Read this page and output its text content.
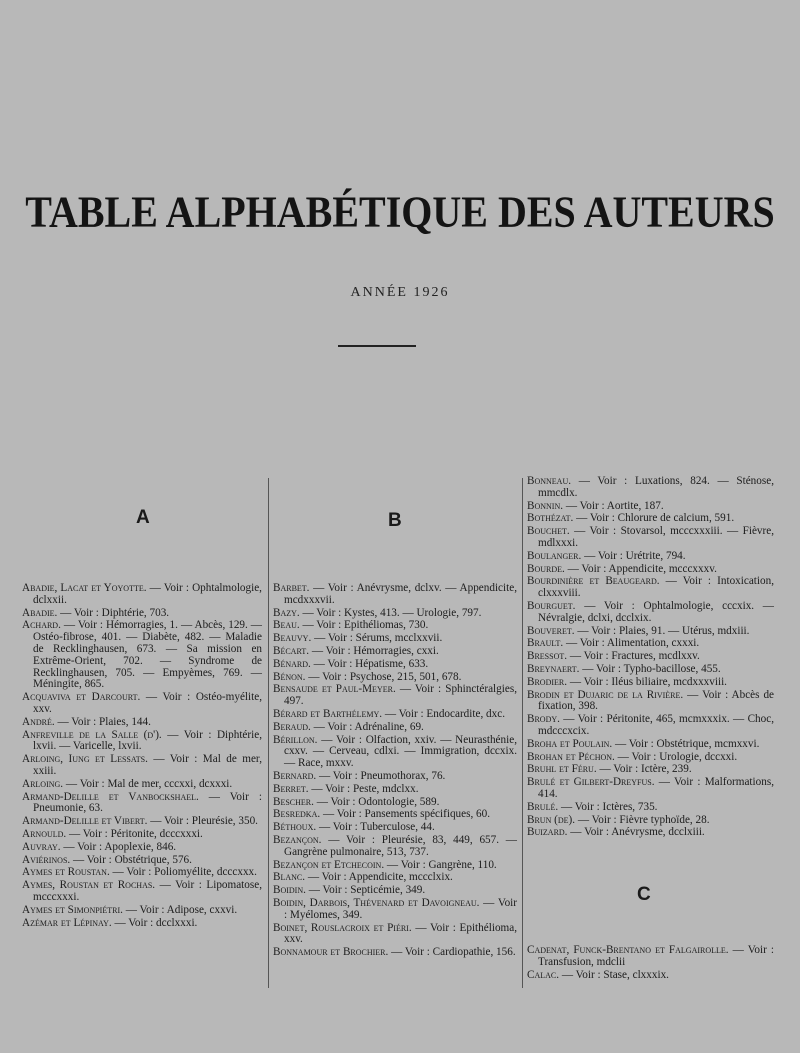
TABLE ALPHABÉTIQUE DES AUTEURS
ANNÉE 1926
A

Abadie, Lacat et Yoyotte. — Voir : Ophtalmologie, dclxxii.

Abadie. — Voir : Diphtérie, 703.

Achard. — Voir : Hémorragies, 1. — Abcès, 129. — Ostéo-fibrose, 401. — Diabète, 482. — Maladie de Recklinghausen, 673. — Sa mission en Extrême-Orient, 702. — Syndrome de Recklinghausen, 705. — Empyèmes, 769. — Méningite, 865.

Acquaviva et Darcourt. — Voir : Ostéo-myélite, xxv.

André. — Voir : Plaies, 144.

Anfreville de la Salle (d'). — Voir : Diphtérie, lxvii. — Varicelle, lxvii.

Arloing, Iung et Lessats. — Voir : Mal de mer, xxiii.

Arloing. — Voir : Mal de mer, cccxxi, dcxxxi.

Armand-Delille et Vanbockshael. — Voir : Pneumonie, 63.

Armand-Delille et Vibert. — Voir : Pleurésie, 350.

Arnould. — Voir : Péritonite, dcccxxxi.

Auvray. — Voir : Apoplexie, 846.

Aviérinos. — Voir : Obstétrique, 576.

Aymes et Roustan. — Voir : Poliomyélite, dcccxxx.

Aymes, Roustan et Rochas. — Voir : Lipomatose, mcccxxxi.

Aymes et Simonpiétri. — Voir : Adipose, cxxvi.

Azémar et Lépinay. — Voir : dcclxxxi.

B

Barbet. — Voir : Anévrysme, dclxv. — Appendicite, mcdxxxvii.

Bazy. — Voir : Kystes, 413. — Urologie, 797.

Beau. — Voir : Epithéliomas, 730.

Beauvy. — Voir : Sérums, mcclxxvii.

Bécart. — Voir : Hémorragies, cxxi.

Bénard. — Voir : Hépatisme, 633.

Bénon. — Voir : Psychose, 215, 501, 678.

Bensaude et Paul-Meyer. — Voir : Sphinctéralgies, 497.

Bérard et Barthélemy. — Voir : Endocardite, dxc.

Beraud. — Voir : Adrénaline, 69.

Bérillon. — Voir : Olfaction, xxiv. — Neurasthénie, cxxv. — Cerveau, cdlxi. — Immigration, dccxix. — Race, mxxv.

Bernard. — Voir : Pneumothorax, 76.

Berret. — Voir : Peste, mdclxx.

Bescher. — Voir : Odontologie, 589.

Besredka. — Voir : Pansements spécifiques, 60.

Béthoux. — Voir : Tuberculose, 44.

Bezançon. — Voir : Pleurésie, 83, 449, 657. — Gangrène pulmonaire, 513, 737.

Bezançon et Etchecoin. — Voir : Gangrène, 110.

Blanc. — Voir : Appendicite, mccclxix.

Boidin. — Voir : Septicémie, 349.

Boidin, Darbois, Thévenard et Davoigneau. — Voir : Myélomes, 349.

Boinet, Rouslacroix et Piéri. — Voir : Epithélioma, xxv.

Bonnamour et Brochier. — Voir : Cardiopathie, 156.

Bonneau. — Voir : Luxations, 824. — Sténose, mmcdlx.

Bonnin. — Voir : Aortite, 187.

Bothézat. — Voir : Chlorure de calcium, 591.

Bouchet. — Voir : Stovarsol, mcccxxxiii. — Fièvre, mdlxxxi.

Boulanger. — Voir : Urétrite, 794.

Bourde. — Voir : Appendicite, mcccxxxv.

Bourdinière et Beaugeard. — Voir : Intoxication, clxxxviii.

Bourguet. — Voir : Ophtalmologie, cccxix. — Névralgie, dclxi, dcclxix.

Bouveret. — Voir : Plaies, 91. — Utérus, mdxiii.

Brault. — Voir : Alimentation, cxxxi.

Bressot. — Voir : Fractures, mcdlxxv.

Breynaert. — Voir : Typho-bacillose, 455.

Brodier. — Voir : Iléus biliaire, mcdxxxviii.

Brodin et Dujaric de la Rivière. — Voir : Abcès de fixation, 398.

Brody. — Voir : Péritonite, 465, mcmxxxix. — Choc, mdcccxcix.

Broha et Poulain. — Voir : Obstétrique, mcmxxvi.

Brohan et Péchon. — Voir : Urologie, dccxxi.

Bruhl et Féru. — Voir : Ictère, 239.

Brulé et Gilbert-Dreyfus. — Voir : Malformations, 414.

Brulé. — Voir : Ictères, 735.

Brun (de). — Voir : Fièvre typhoïde, 28.

Buizard. — Voir : Anévrysme, dcclxiii.

C

Cadenat, Funck-Brentano et Falgairolle. — Voir : Transfusion, mdclii

Calac. — Voir : Stase, clxxxix.
